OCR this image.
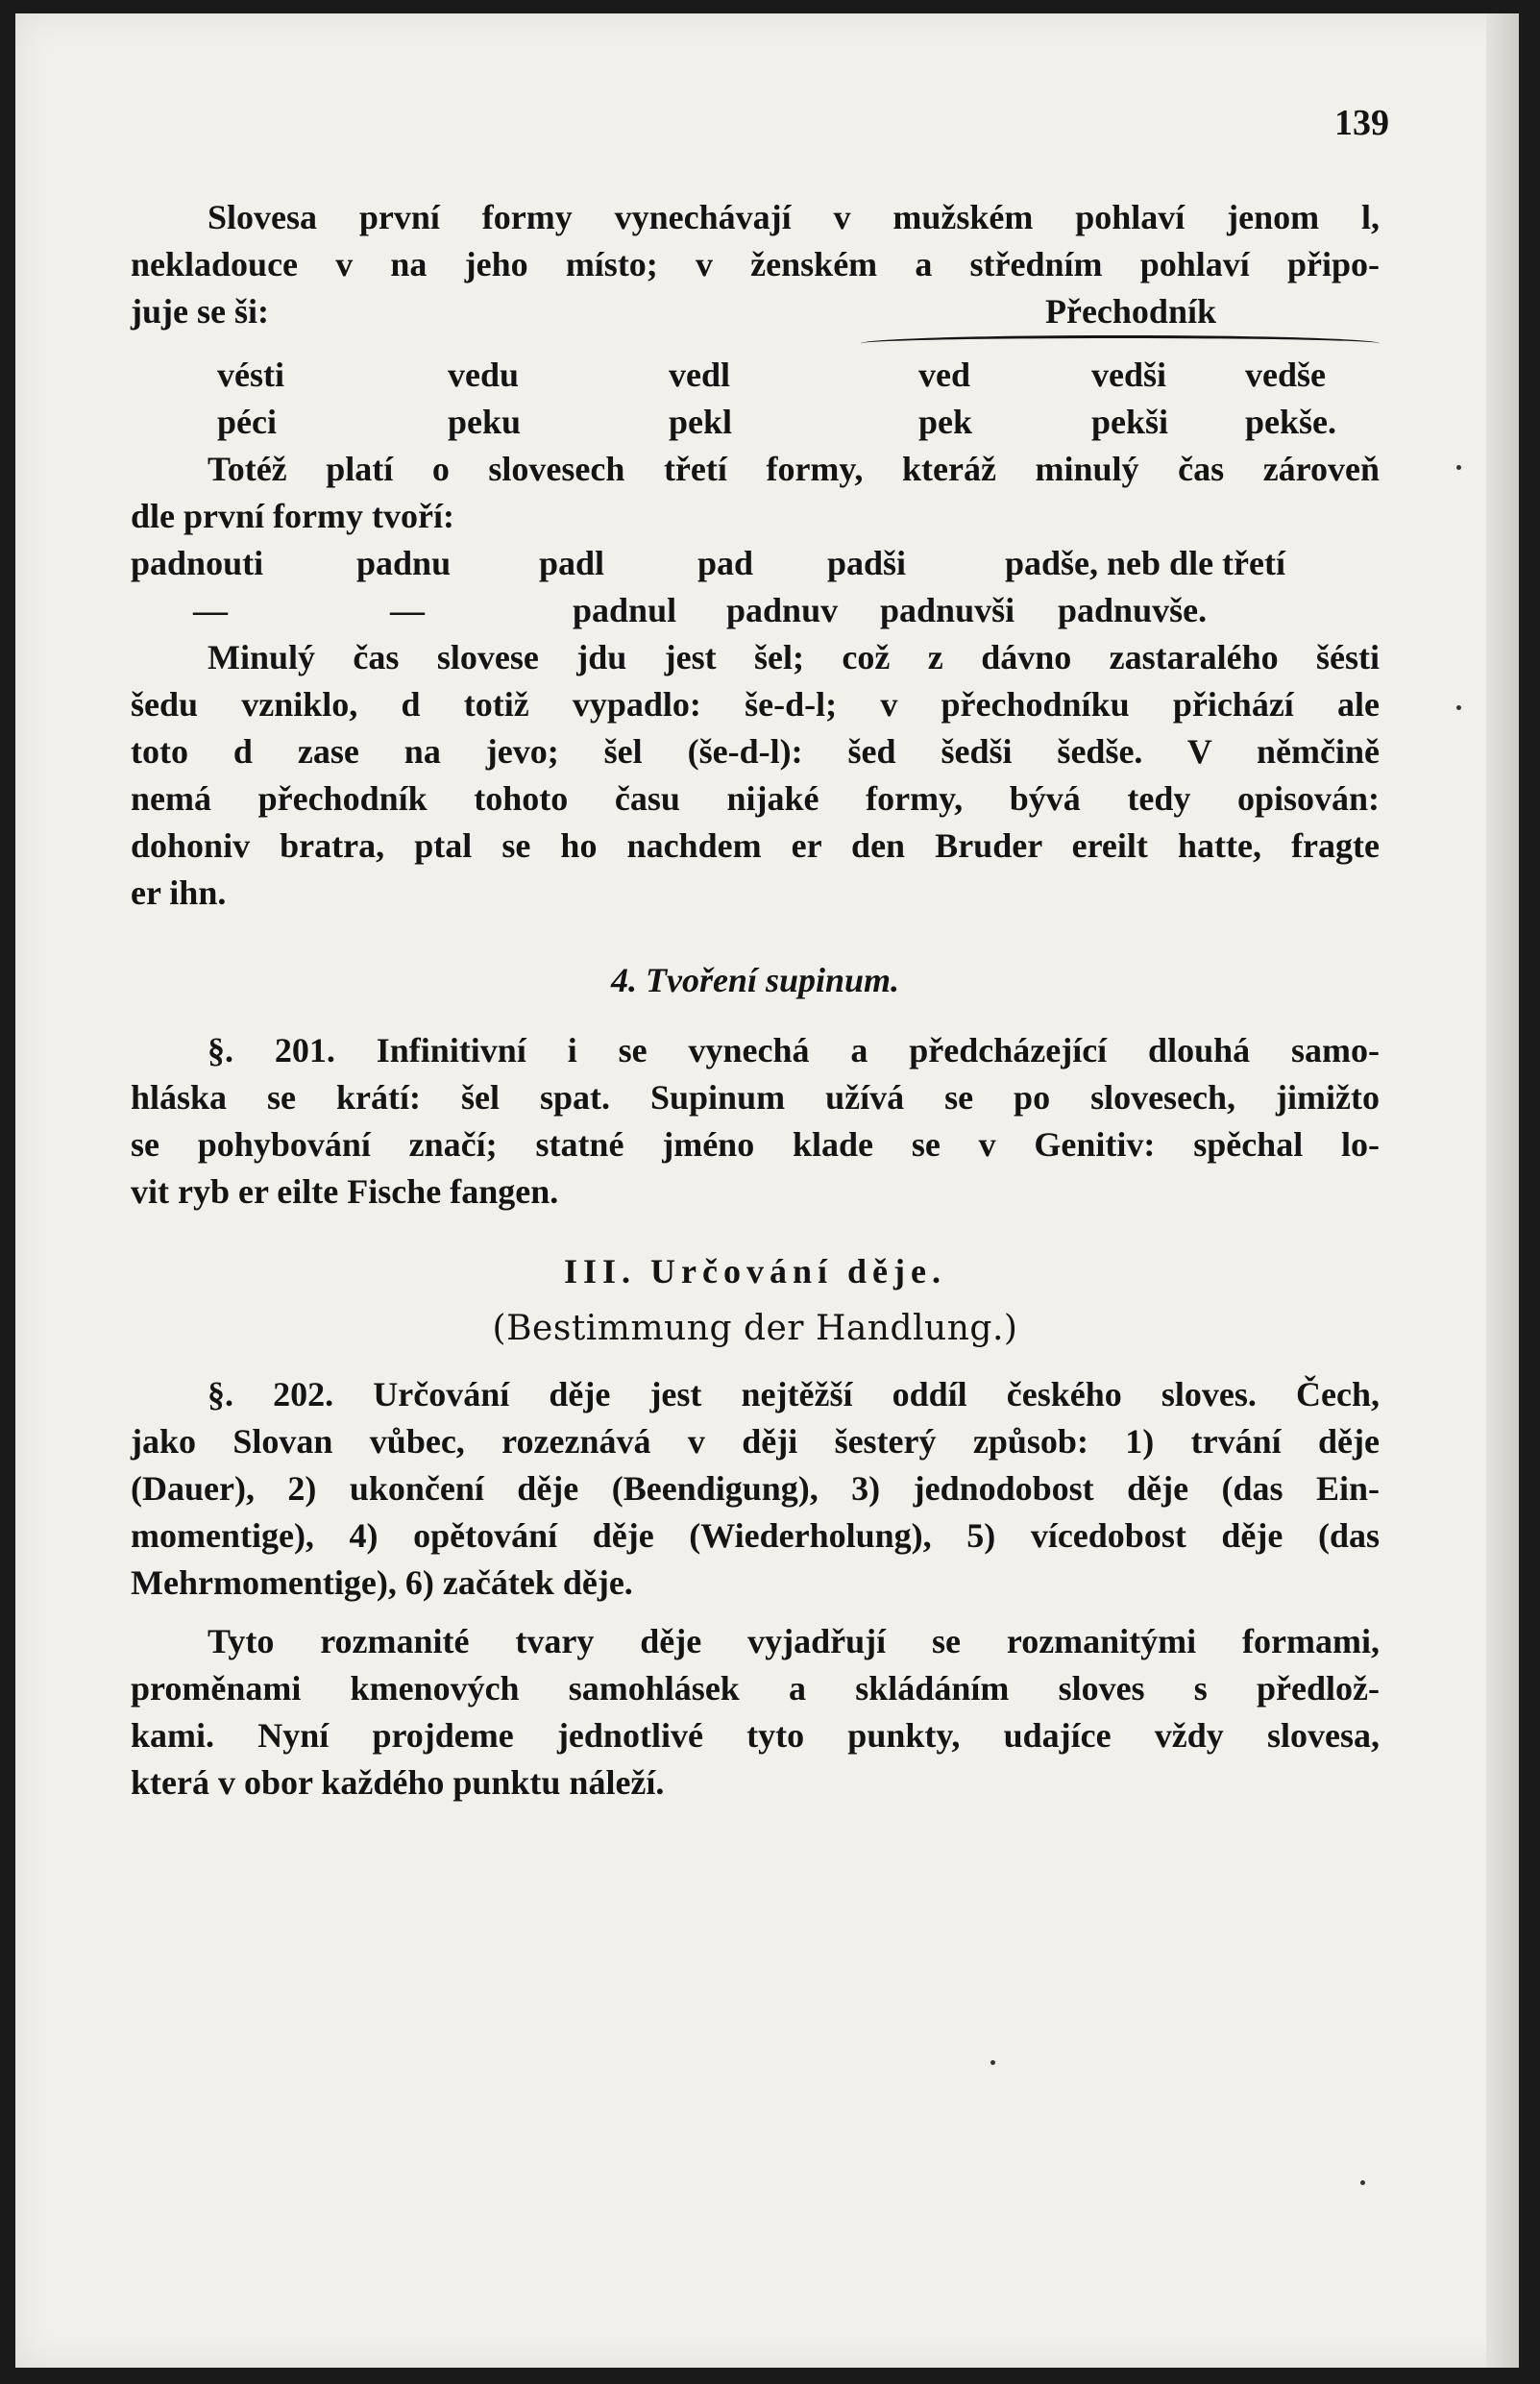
139
Slovesa první formy vynechávají v mužském pohlaví jenom l,
nekladouce v na jeho místo; v ženském a středním pohlaví připo-
juje se ši:	Přechodník
vésti	vedu	vedl	ved	vedši	vedše
péci	peku	pekl	pek	pekši	pekše.
Totéž platí o slovesech třetí formy, kteráž minulý čas zároveň
dle první formy tvoří:
padnouti	padnu	padl	pad	padši	padše, neb dle třetí
—	—	padnul	padnuv	padnuvši	padnuvše.
Minulý čas slovese jdu jest šel; což z dávno zastaralého šésti
šedu vzniklo, d totiž vypadlo: še-d-l; v přechodníku přichází ale
toto d zase na jevo; šel (še-d-l): šed šedši šedše. V němčině
nemá přechodník tohoto času nijaké formy, bývá tedy opisován:
dohoniv bratra, ptal se ho nachdem er den Bruder ereilt hatte, fragte
er ihn.
4. Tvoření supinum.
§. 201. Infinitivní i se vynechá a předcházející dlouhá samo-
hláska se krátí: šel spat. Supinum užívá se po slovesech, jimižto
se pohybování značí; statné jméno klade se v Genitiv: spěchal lo-
vit ryb er eilte Fische fangen.
III. Určování děje.
(Bestimmung der Handlung.)
§. 202. Určování děje jest nejtěžší oddíl českého sloves. Čech,
jako Slovan vůbec, rozeznává v ději šesterý způsob: 1) trvání děje
(Dauer), 2) ukončení děje (Beendigung), 3) jednodobost děje (das Ein-
momentige), 4) opětování děje (Wiederholung), 5) vícedobost děje (das
Mehrmomentige), 6) začátek děje.
Tyto rozmanité tvary děje vyjadřují se rozmanitými formami,
proměnami kmenových samohlásek a skládáním sloves s předlož-
kami. Nyní projdeme jednotlivé tyto punkty, udajíce vždy slovesa,
která v obor každého punktu náleží.
